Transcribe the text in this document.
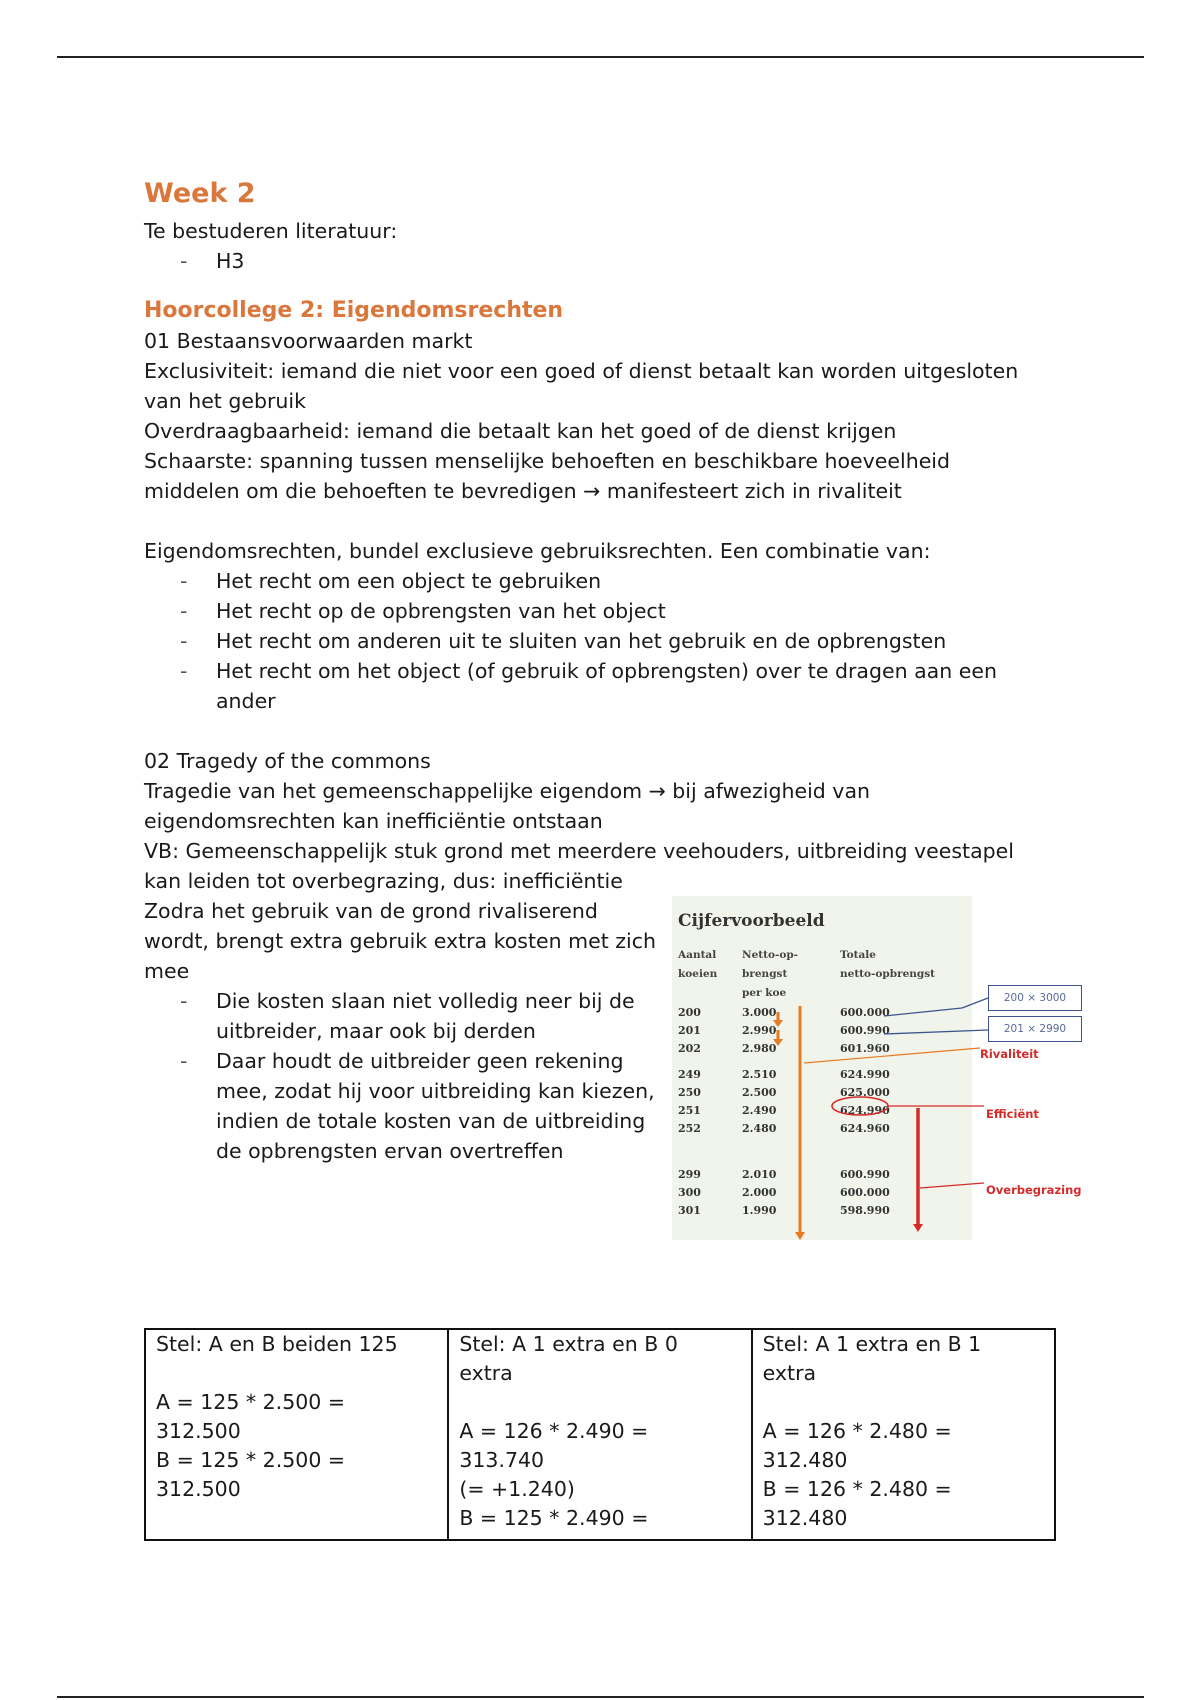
Week 2

Te bestuderen literatuur:

- H3
Hoorcollege 2: Eigendomsrechten

01 Bestaansvoorwaarden markt

Exclusiviteit: iemand die niet voor een goed of dienst betaalt kan worden uitgesloten van het gebruik

Overdraagbaarheid: iemand die betaalt kan het goed of de dienst krijgen

Schaarste: spanning tussen menselijke behoeften en beschikbare hoeveelheid middelen om die behoeften te bevredigen → manifesteert zich in rivaliteit

Eigendomsrechten, bundel exclusieve gebruiksrechten. Een combinatie van:

- Het recht om een object te gebruiken
- Het recht op de opbrengsten van het object
- Het recht om anderen uit te sluiten van het gebruik en de opbrengsten
- Het recht om het object (of gebruik of opbrengsten) over te dragen aan een ander

02 Tragedy of the commons

Tragedie van het gemeenschappelijke eigendom → bij afwezigheid van eigendomsrechten kan inefficiëntie ontstaan

VB: Gemeenschappelijk stuk grond met meerdere veehouders, uitbreiding veestapel kan leiden tot overbegrazing, dus: inefficiëntie

Zodra het gebruik van de grond rivaliserend wordt, brengt extra gebruik extra kosten met zich mee

- Die kosten slaan niet volledig neer bij de uitbreider, maar ook bij derden
- Daar houdt de uitbreider geen rekening mee, zodat hij voor uitbreiding kan kiezen, indien de totale kosten van de uitbreiding de opbrengsten ervan overtreffen
Cijfervoorbeeld
Aantal
koeien
Netto-op-
brengst
per koe
Totale
netto-opbrengst
200	3.000	600.000
201	2.990	600.990
202	2.980	601.960
249	2.510	624.990
250	2.500	625.000
251	2.490	624.990
252	2.480	624.960
299	2.010	600.990
300	2.000	600.000
301	1.990	598.990
200 × 3000
201 × 2990
Rivaliteit
Efficiënt
Overbegrazing
Stel: A en B beiden 125

A = 125 * 2.500 =
312.500
B = 125 * 2.500 =
312.500

Stel: A 1 extra en B 0
extra

A = 126 * 2.490 =
313.740
(= +1.240)
B = 125 * 2.490 =

Stel: A 1 extra en B 1
extra

A = 126 * 2.480 =
312.480
B = 126 * 2.480 =
312.480
